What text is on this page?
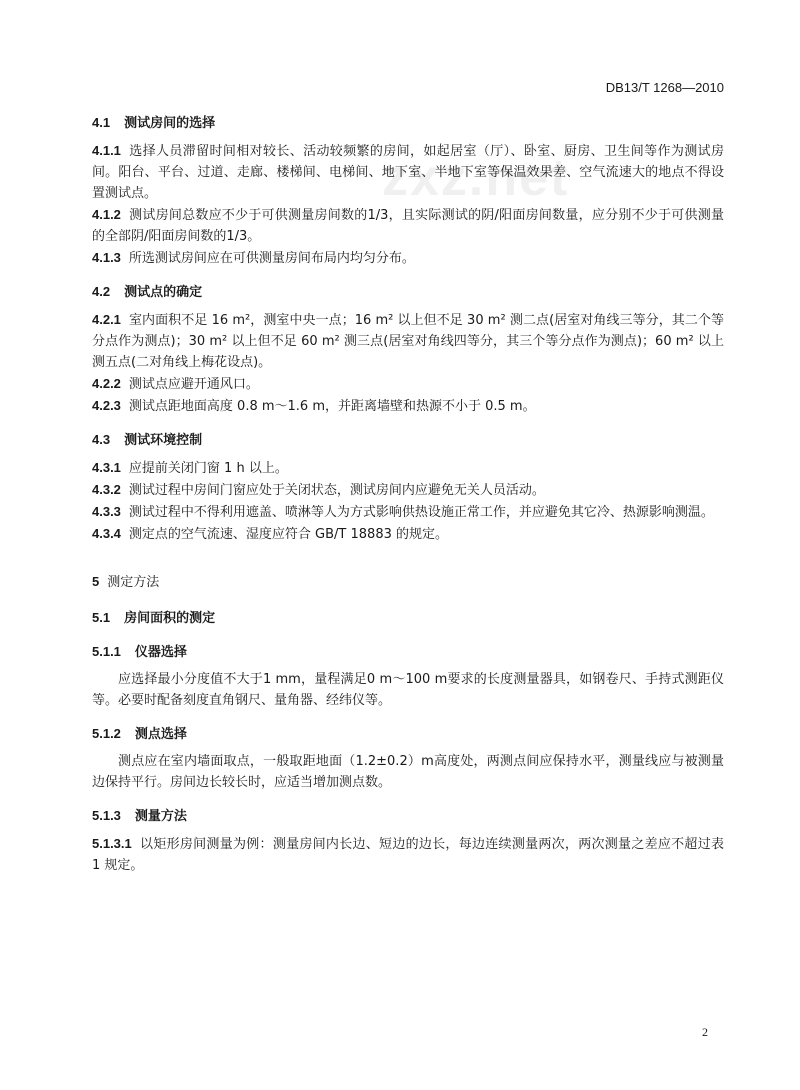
DB13/T 1268—2010
zxz.net
4.1 测试房间的选择
4.1.1 选择人员滞留时间相对较长、活动较频繁的房间，如起居室（厅）、卧室、厨房、卫生间等作为测试房间。阳台、平台、过道、走廊、楼梯间、电梯间、地下室、半地下室等保温效果差、空气流速大的地点不得设置测试点。
4.1.2 测试房间总数应不少于可供测量房间数的1/3，且实际测试的阴/阳面房间数量，应分别不少于可供测量的全部阴/阳面房间数的1/3。
4.1.3 所选测试房间应在可供测量房间布局内均匀分布。
4.2 测试点的确定
4.2.1 室内面积不足 16 m²，测室中央一点；16 m² 以上但不足 30 m² 测二点(居室对角线三等分，其二个等分点作为测点)；30 m² 以上但不足 60 m² 测三点(居室对角线四等分，其三个等分点作为测点)；60 m² 以上测五点(二对角线上梅花设点)。
4.2.2 测试点应避开通风口。
4.2.3 测试点距地面高度 0.8 m～1.6 m，并距离墙壁和热源不小于 0.5 m。
4.3 测试环境控制
4.3.1 应提前关闭门窗 1 h 以上。
4.3.2 测试过程中房间门窗应处于关闭状态，测试房间内应避免无关人员活动。
4.3.3 测试过程中不得利用遮盖、喷淋等人为方式影响供热设施正常工作，并应避免其它冷、热源影响测温。
4.3.4 测定点的空气流速、湿度应符合 GB/T 18883 的规定。
5 测定方法
5.1 房间面积的测定
5.1.1 仪器选择
应选择最小分度值不大于1 mm，量程满足0 m～100 m要求的长度测量器具，如钢卷尺、手持式测距仪等。必要时配备刻度直角钢尺、量角器、经纬仪等。
5.1.2 测点选择
测点应在室内墙面取点，一般取距地面（1.2±0.2）m高度处，两测点间应保持水平，测量线应与被测量边保持平行。房间边长较长时，应适当增加测点数。
5.1.3 测量方法
5.1.3.1 以矩形房间测量为例：测量房间内长边、短边的边长，每边连续测量两次，两次测量之差应不超过表 1 规定。
2
